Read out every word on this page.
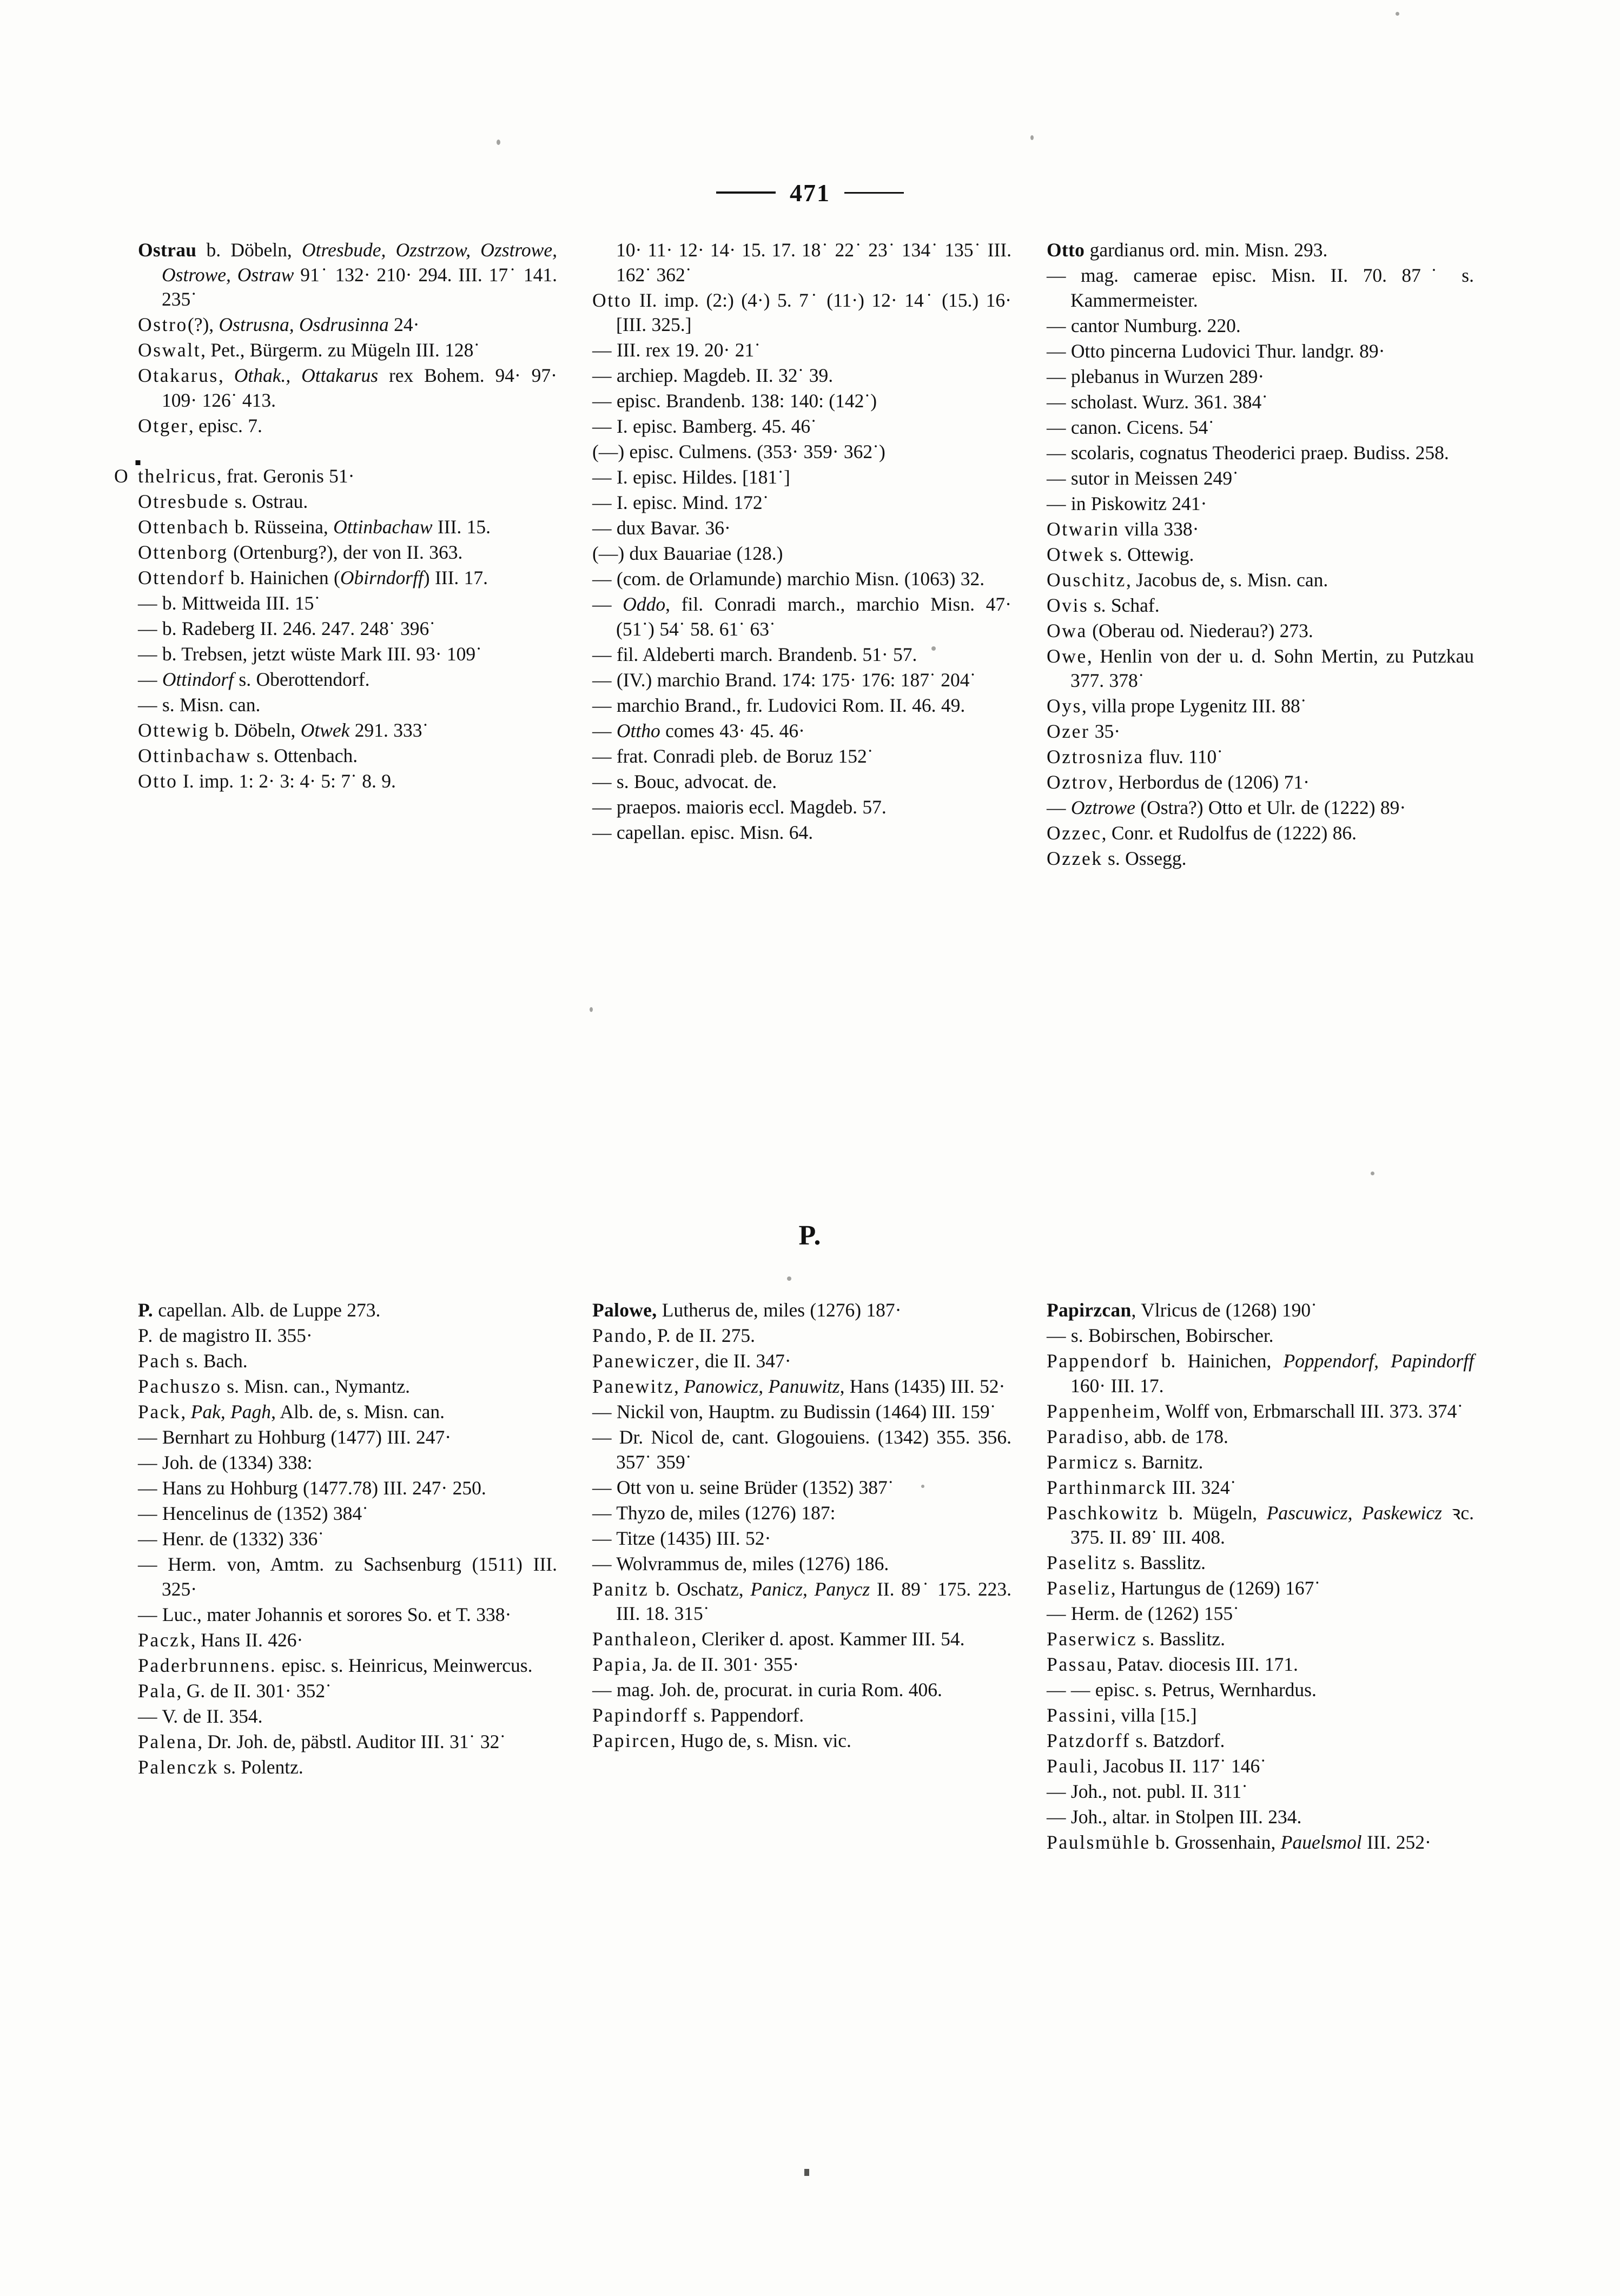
471

Ostrau b. Döbeln, Otresbude, Ozstrzow, Ozstrowe, Ostrowe, Ostraw 91˙ 132· 210· 294. III. 17˙ 141. 235˙

Ostro(?), Ostrusna, Osdrusinna 24·

Oswalt, Pet., Bürgerm. zu Mügeln III. 128˙

Otakarus, Othak., Ottakarus rex Bohem. 94· 97· 109· 126˙ 413.

Otger, episc. 7.

thelricus, frat. Geronis 51·

Otresbude s. Ostrau.

Ottenbach b. Rüsseina, Ottinbachaw III. 15.

Ottenborg (Ortenburg?), der von II. 363.

Ottendorf b. Hainichen (Obirndorff) III. 17.

— b. Mittweida III. 15˙

— b. Radeberg II. 246. 247. 248˙ 396˙

— b. Trebsen, jetzt wüste Mark III. 93· 109˙

— Ottindorf s. Oberottendorf.

— s. Misn. can.

Ottewig b. Döbeln, Otwek 291. 333˙

Ottinbachaw s. Ottenbach.

Otto I. imp. 1: 2· 3: 4· 5: 7˙ 8. 9.

10· 11· 12· 14· 15. 17. 18˙ 22˙ 23˙ 134˙ 135˙ III. 162˙ 362˙

Otto II. imp. (2:) (4·) 5. 7˙ (11·) 12· 14˙ (15.) 16· [III. 325.]

— III. rex 19. 20· 21˙

— archiep. Magdeb. II. 32˙ 39.

— episc. Brandenb. 138: 140: (142˙)

— I. episc. Bamberg. 45. 46˙

(—) episc. Culmens. (353· 359· 362˙)

— I. episc. Hildes. [181˙]

— I. episc. Mind. 172˙

— dux Bavar. 36·

(—) dux Bauariae (128.)

— (com. de Orlamunde) marchio Misn. (1063) 32.

— Oddo, fil. Conradi march., marchio Misn. 47· (51˙) 54˙ 58. 61˙ 63˙

— fil. Aldeberti march. Brandenb. 51· 57.

— (IV.) marchio Brand. 174: 175· 176: 187˙ 204˙

— marchio Brand., fr. Ludovici Rom. II. 46. 49.

— Ottho comes 43· 45. 46·

— frat. Conradi pleb. de Boruz 152˙

— s. Bouc, advocat. de.

— praepos. maioris eccl. Magdeb. 57.

— capellan. episc. Misn. 64.

Otto gardianus ord. min. Misn. 293.

— mag. camerae episc. Misn. II. 70. 87˙ s. Kammermeister.

— cantor Numburg. 220.

— Otto pincerna Ludovici Thur. landgr. 89·

— plebanus in Wurzen 289·

— scholast. Wurz. 361. 384˙

— canon. Cicens. 54˙

— scolaris, cognatus Theoderici praep. Budiss. 258.

— sutor in Meissen 249˙

— in Piskowitz 241·

Otwarin villa 338·

Otwek s. Ottewig.

Ouschitz, Jacobus de, s. Misn. can.

Ovis s. Schaf.

Owa (Oberau od. Niederau?) 273.

Owe, Henlin von der u. d. Sohn Mertin, zu Putzkau 377. 378˙

Oys, villa prope Lygenitz III. 88˙

Ozer 35·

Oztrosniza fluv. 110˙

Oztrov, Herbordus de (1206) 71·

— Oztrowe (Ostra?) Otto et Ulr. de (1222) 89·

Ozzec, Conr. et Rudolfus de (1222) 86.

Ozzek s. Ossegg.

P.

P. capellan. Alb. de Luppe 273.

P. de magistro II. 355·

Pach s. Bach.

Pachuszo s. Misn. can., Nymantz.

Pack, Pak, Pagh, Alb. de, s. Misn. can.

— Bernhart zu Hohburg (1477) III. 247·

— Joh. de (1334) 338:

— Hans zu Hohburg (1477.78) III. 247· 250.

— Hencelinus de (1352) 384˙

— Henr. de (1332) 336˙

— Herm. von, Amtm. zu Sachsenburg (1511) III. 325·

— Luc., mater Johannis et sorores So. et T. 338·

Paczk, Hans II. 426·

Paderbrunnens. episc. s. Heinricus, Meinwercus.

Pala, G. de II. 301· 352˙

— V. de II. 354.

Palena, Dr. Joh. de, päbstl. Auditor III. 31˙ 32˙

Palenczk s. Polentz.

Palowe, Lutherus de, miles (1276) 187·

Pando, P. de II. 275.

Panewiczer, die II. 347·

Panewitz, Panowicz, Panuwitz, Hans (1435) III. 52·

— Nickil von, Hauptm. zu Budissin (1464) III. 159˙

— Dr. Nicol de, cant. Glogouiens. (1342) 355. 356. 357˙ 359˙

— Ott von u. seine Brüder (1352) 387˙

— Thyzo de, miles (1276) 187:

— Titze (1435) III. 52·

— Wolvrammus de, miles (1276) 186.

Panitz b. Oschatz, Panicz, Panycz II. 89˙ 175. 223. III. 18. 315˙

Panthaleon, Cleriker d. apost. Kammer III. 54.

Papia, Ja. de II. 301· 355·

— mag. Joh. de, procurat. in curia Rom. 406.

Papindorff s. Pappendorf.

Papircen, Hugo de, s. Misn. vic.

Papirzcan, Vlricus de (1268) 190˙

— s. Bobirschen, Bobirscher.

Pappendorf b. Hainichen, Poppendorf, Papindorff 160· III. 17.

Pappenheim, Wolff von, Erbmarschall III. 373. 374˙

Paradiso, abb. de 178.

Parmicz s. Barnitz.

Parthinmarck III. 324˙

Paschkowitz b. Mügeln, Pascuwicz, Paskewicz ꝛc. 375. II. 89˙ III. 408.

Paselitz s. Basslitz.

Paseliz, Hartungus de (1269) 167˙

— Herm. de (1262) 155˙

Paserwicz s. Basslitz.

Passau, Patav. diocesis III. 171.

— — episc. s. Petrus, Wernhardus.

Passini, villa [15.]

Patzdorff s. Batzdorf.

Pauli, Jacobus II. 117˙ 146˙

— Joh., not. publ. II. 311˙

— Joh., altar. in Stolpen III. 234.

Paulsmühle b. Grossenhain, Pauelsmol III. 252·
